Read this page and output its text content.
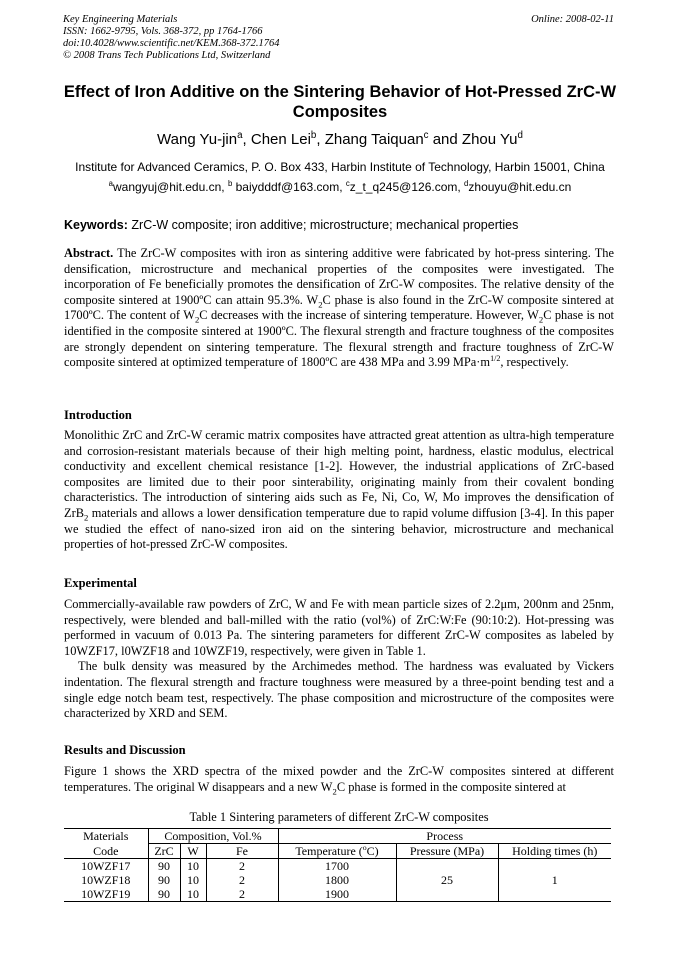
Key Engineering Materials
ISSN: 1662-9795, Vols. 368-372, pp 1764-1766
doi:10.4028/www.scientific.net/KEM.368-372.1764
© 2008 Trans Tech Publications Ltd, Switzerland
Online: 2008-02-11
Effect of Iron Additive on the Sintering Behavior of Hot-Pressed ZrC-W Composites
Wang Yu-jin$^a$, Chen Lei$^b$, Zhang Taiquan$^c$ and Zhou Yu$^d$
Institute for Advanced Ceramics, P. O. Box 433, Harbin Institute of Technology, Harbin 15001, China
$^a$wangyuj@hit.edu.cn, $^b$ baiydddf@163.com, $^c$z_t_q245@126.com, $^d$zhouyu@hit.edu.cn
Keywords: ZrC-W composite; iron additive; microstructure; mechanical properties
Abstract. The ZrC-W composites with iron as sintering additive were fabricated by hot-press sintering. The densification, microstructure and mechanical properties of the composites were investigated. The incorporation of Fe beneficially promotes the densification of ZrC-W composites. The relative density of the composite sintered at 1900ºC can attain 95.3%. $W_2C$ phase is also found in the ZrC-W composite sintered at 1700ºC. The content of $W_2C$ decreases with the increase of sintering temperature. However, $W_2C$ phase is not identified in the composite sintered at 1900ºC. The flexural strength and fracture toughness of the composites are strongly dependent on sintering temperature. The flexural strength and fracture toughness of ZrC-W composite sintered at optimized temperature of 1800ºC are 438 MPa and 3.99 $MPa\cdot m^{1/2}$, respectively.
Introduction
Monolithic ZrC and ZrC-W ceramic matrix composites have attracted great attention as ultra-high temperature and corrosion-resistant materials because of their high melting point, hardness, elastic modulus, electrical conductivity and excellent chemical resistance [1-2]. However, the industrial applications of ZrC-based composites are limited due to their poor sinterability, originating mainly from their covalent bonding characteristics. The introduction of sintering aids such as Fe, Ni, Co, W, Mo improves the densification of ZrB$_2$ materials and allows a lower densification temperature due to rapid volume diffusion [3-4]. In this paper we studied the effect of nano-sized iron aid on the sintering behavior, microstructure and mechanical properties of hot-pressed ZrC-W composites.
Experimental
Commercially-available raw powders of ZrC, W and Fe with mean particle sizes of 2.2μm, 200nm and 25nm, respectively, were blended and ball-milled with the ratio (vol%) of ZrC:W:Fe (90:10:2). Hot-pressing was performed in vacuum of 0.013 Pa. The sintering parameters for different ZrC-W composites as labeled by 10WZF17, l0WZF18 and 10WZF19, respectively, were given in Table 1.
The bulk density was measured by the Archimedes method. The hardness was evaluated by Vickers indentation. The flexural strength and fracture toughness were measured by a three-point bending test and a single edge notch beam test, respectively. The phase composition and microstructure of the composites were characterized by XRD and SEM.
Results and Discussion
Figure 1 shows the XRD spectra of the mixed powder and the ZrC-W composites sintered at different temperatures. The original W disappears and a new $W_2C$ phase is formed in the composite sintered at
Table 1 Sintering parameters of different ZrC-W composites
Materials	Composition, Vol.%			Process		
Code	ZrC	W	Fe	Temperature ($^o$C)	Pressure (MPa)	Holding times (h)
10WZF17	90	10	2	1700	25	1
10WZF18	90	10	2	1800		
10WZF19	90	10	2	1900		
